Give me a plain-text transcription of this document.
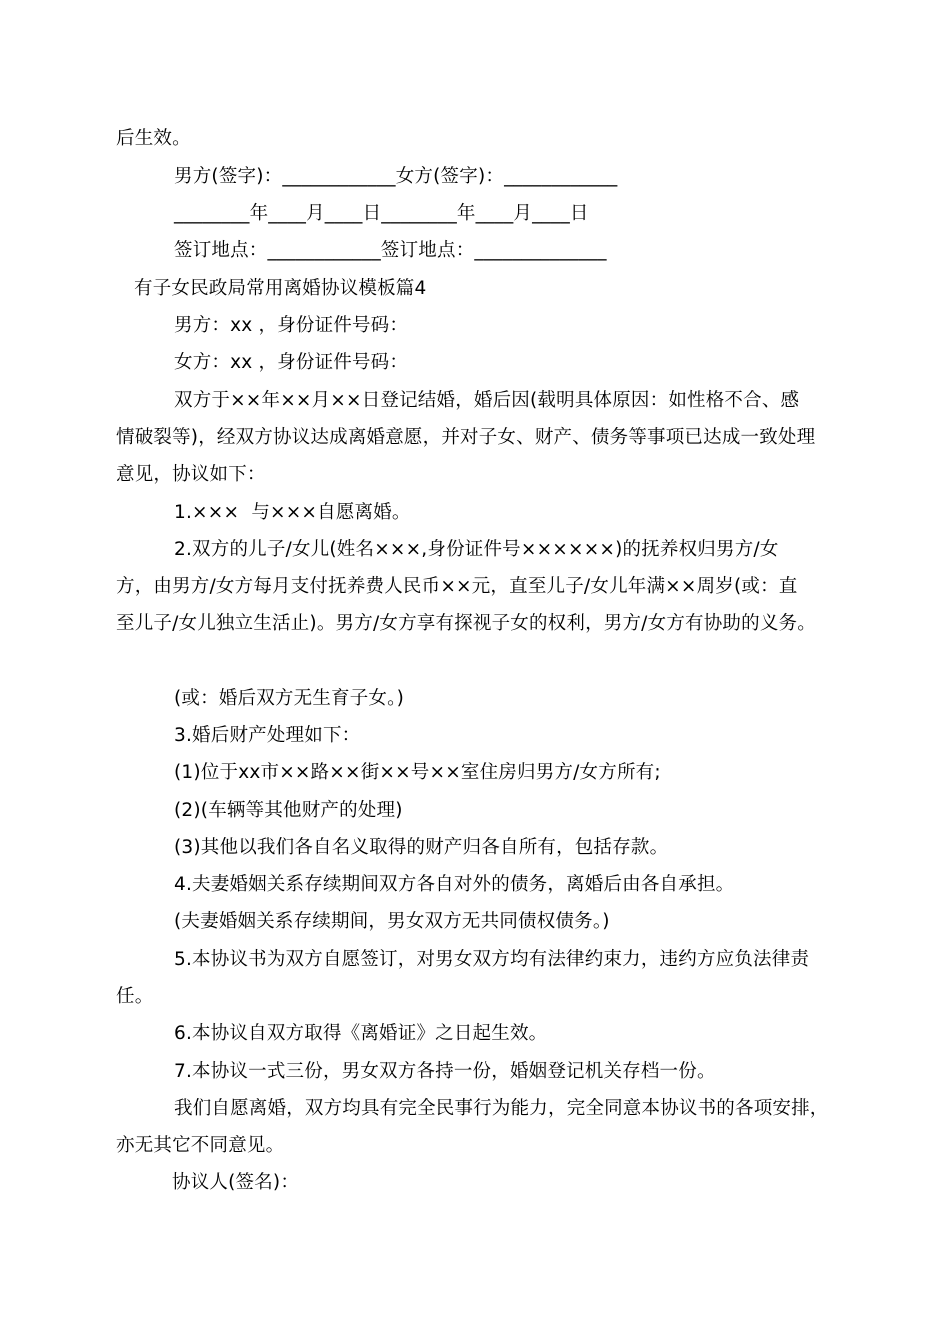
后生效。
男方(签字)：____________女方(签字)：____________
________年____月____日________年____月____日
签订地点：____________签订地点：______________
有子女民政局常用离婚协议模板篇4
男方：xx ，身份证件号码：
女方：xx ，身份证件号码：
双方于××年××月××日登记结婚，婚后因(载明具体原因：如性格不合、感
情破裂等)，经双方协议达成离婚意愿，并对子女、财产、债务等事项已达成一致处理
意见，协议如下：
1.×××  与×××自愿离婚。
2.双方的儿子/女儿(姓名×××,身份证件号××××××)的抚养权归男方/女
方，由男方/女方每月支付抚养费人民币××元，直至儿子/女儿年满××周岁(或：直
至儿子/女儿独立生活止)。男方/女方享有探视子女的权利，男方/女方有协助的义务。
(或：婚后双方无生育子女。)
3.婚后财产处理如下：
(1)位于xx市××路××街××号××室住房归男方/女方所有;
(2)(车辆等其他财产的处理)
(3)其他以我们各自名义取得的财产归各自所有，包括存款。
4.夫妻婚姻关系存续期间双方各自对外的债务，离婚后由各自承担。
(夫妻婚姻关系存续期间，男女双方无共同债权债务。)
5.本协议书为双方自愿签订，对男女双方均有法律约束力，违约方应负法律责
任。
6.本协议自双方取得《离婚证》之日起生效。
7.本协议一式三份，男女双方各持一份，婚姻登记机关存档一份。
我们自愿离婚，双方均具有完全民事行为能力，完全同意本协议书的各项安排，
亦无其它不同意见。
协议人(签名)：
